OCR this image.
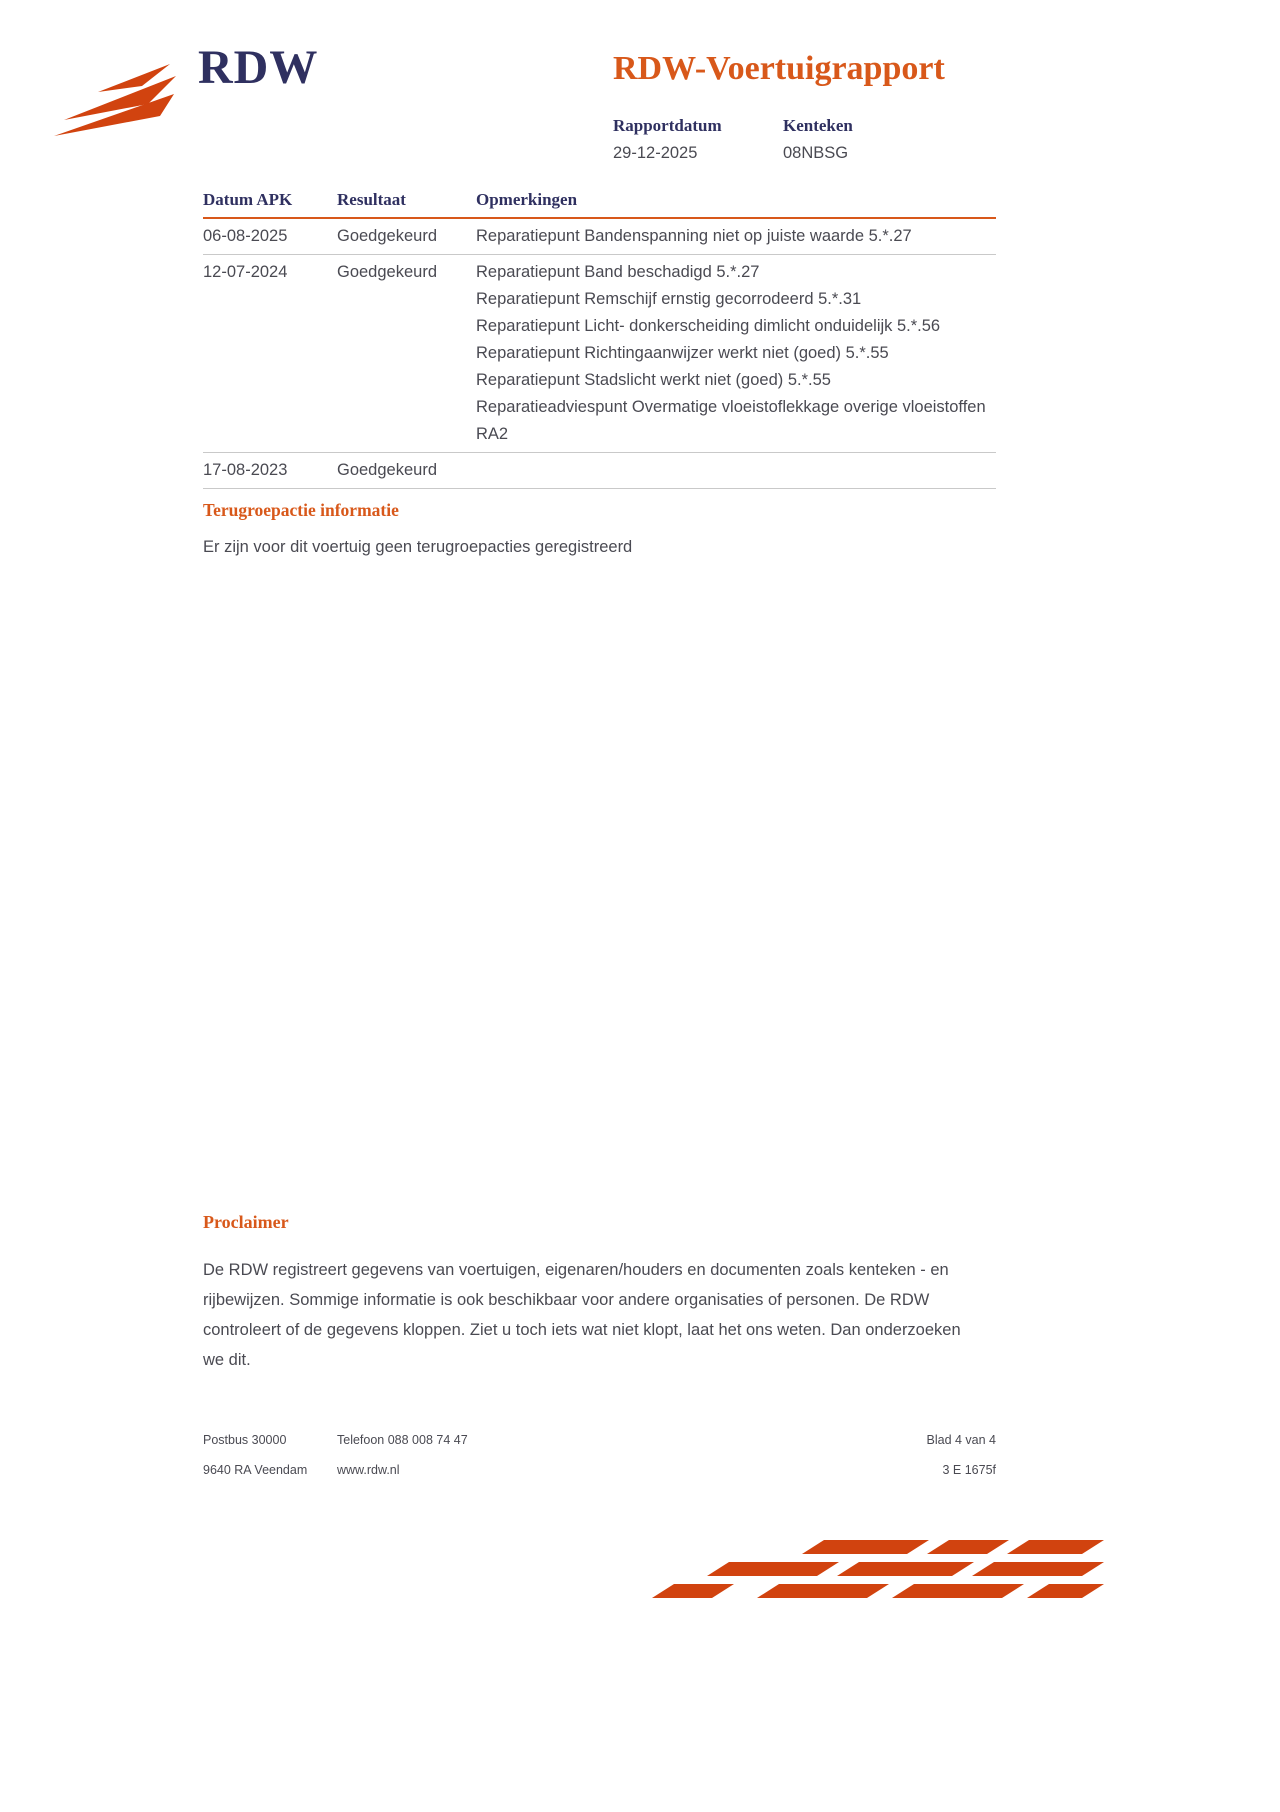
RDW	RDW-Voertuigrapport
Rapportdatum
29-12-2025
Kenteken
08NBSG
Datum APK	Resultaat	Opmerkingen
06-08-2025	Goedgekeurd	Reparatiepunt Bandenspanning niet op juiste waarde 5.*.27

12-07-2024	Goedgekeurd	Reparatiepunt Band beschadigd 5.*.27
Reparatiepunt Remschijf ernstig gecorrodeerd 5.*.31
Reparatiepunt Licht- donkerscheiding dimlicht onduidelijk 5.*.56
Reparatiepunt Richtingaanwijzer werkt niet (goed) 5.*.55
Reparatiepunt Stadslicht werkt niet (goed) 5.*.55
Reparatieadviespunt Overmatige vloeistoflekkage overige vloeistoffen RA2

17-08-2023	Goedgekeurd	
Terugroepactie informatie
Er zijn voor dit voertuig geen terugroepacties geregistreerd
Proclaimer
De RDW registreert gegevens van voertuigen, eigenaren/houders en documenten zoals kenteken - en rijbewijzen. Sommige informatie is ook beschikbaar voor andere organisaties of personen. De RDW controleert of de gegevens kloppen. Ziet u toch iets wat niet klopt, laat het ons weten. Dan onderzoeken we dit.
Postbus 30000	Telefoon 088 008 74 47	Blad 4 van 4
9640 RA Veendam	www.rdw.nl	3 E 1675f
